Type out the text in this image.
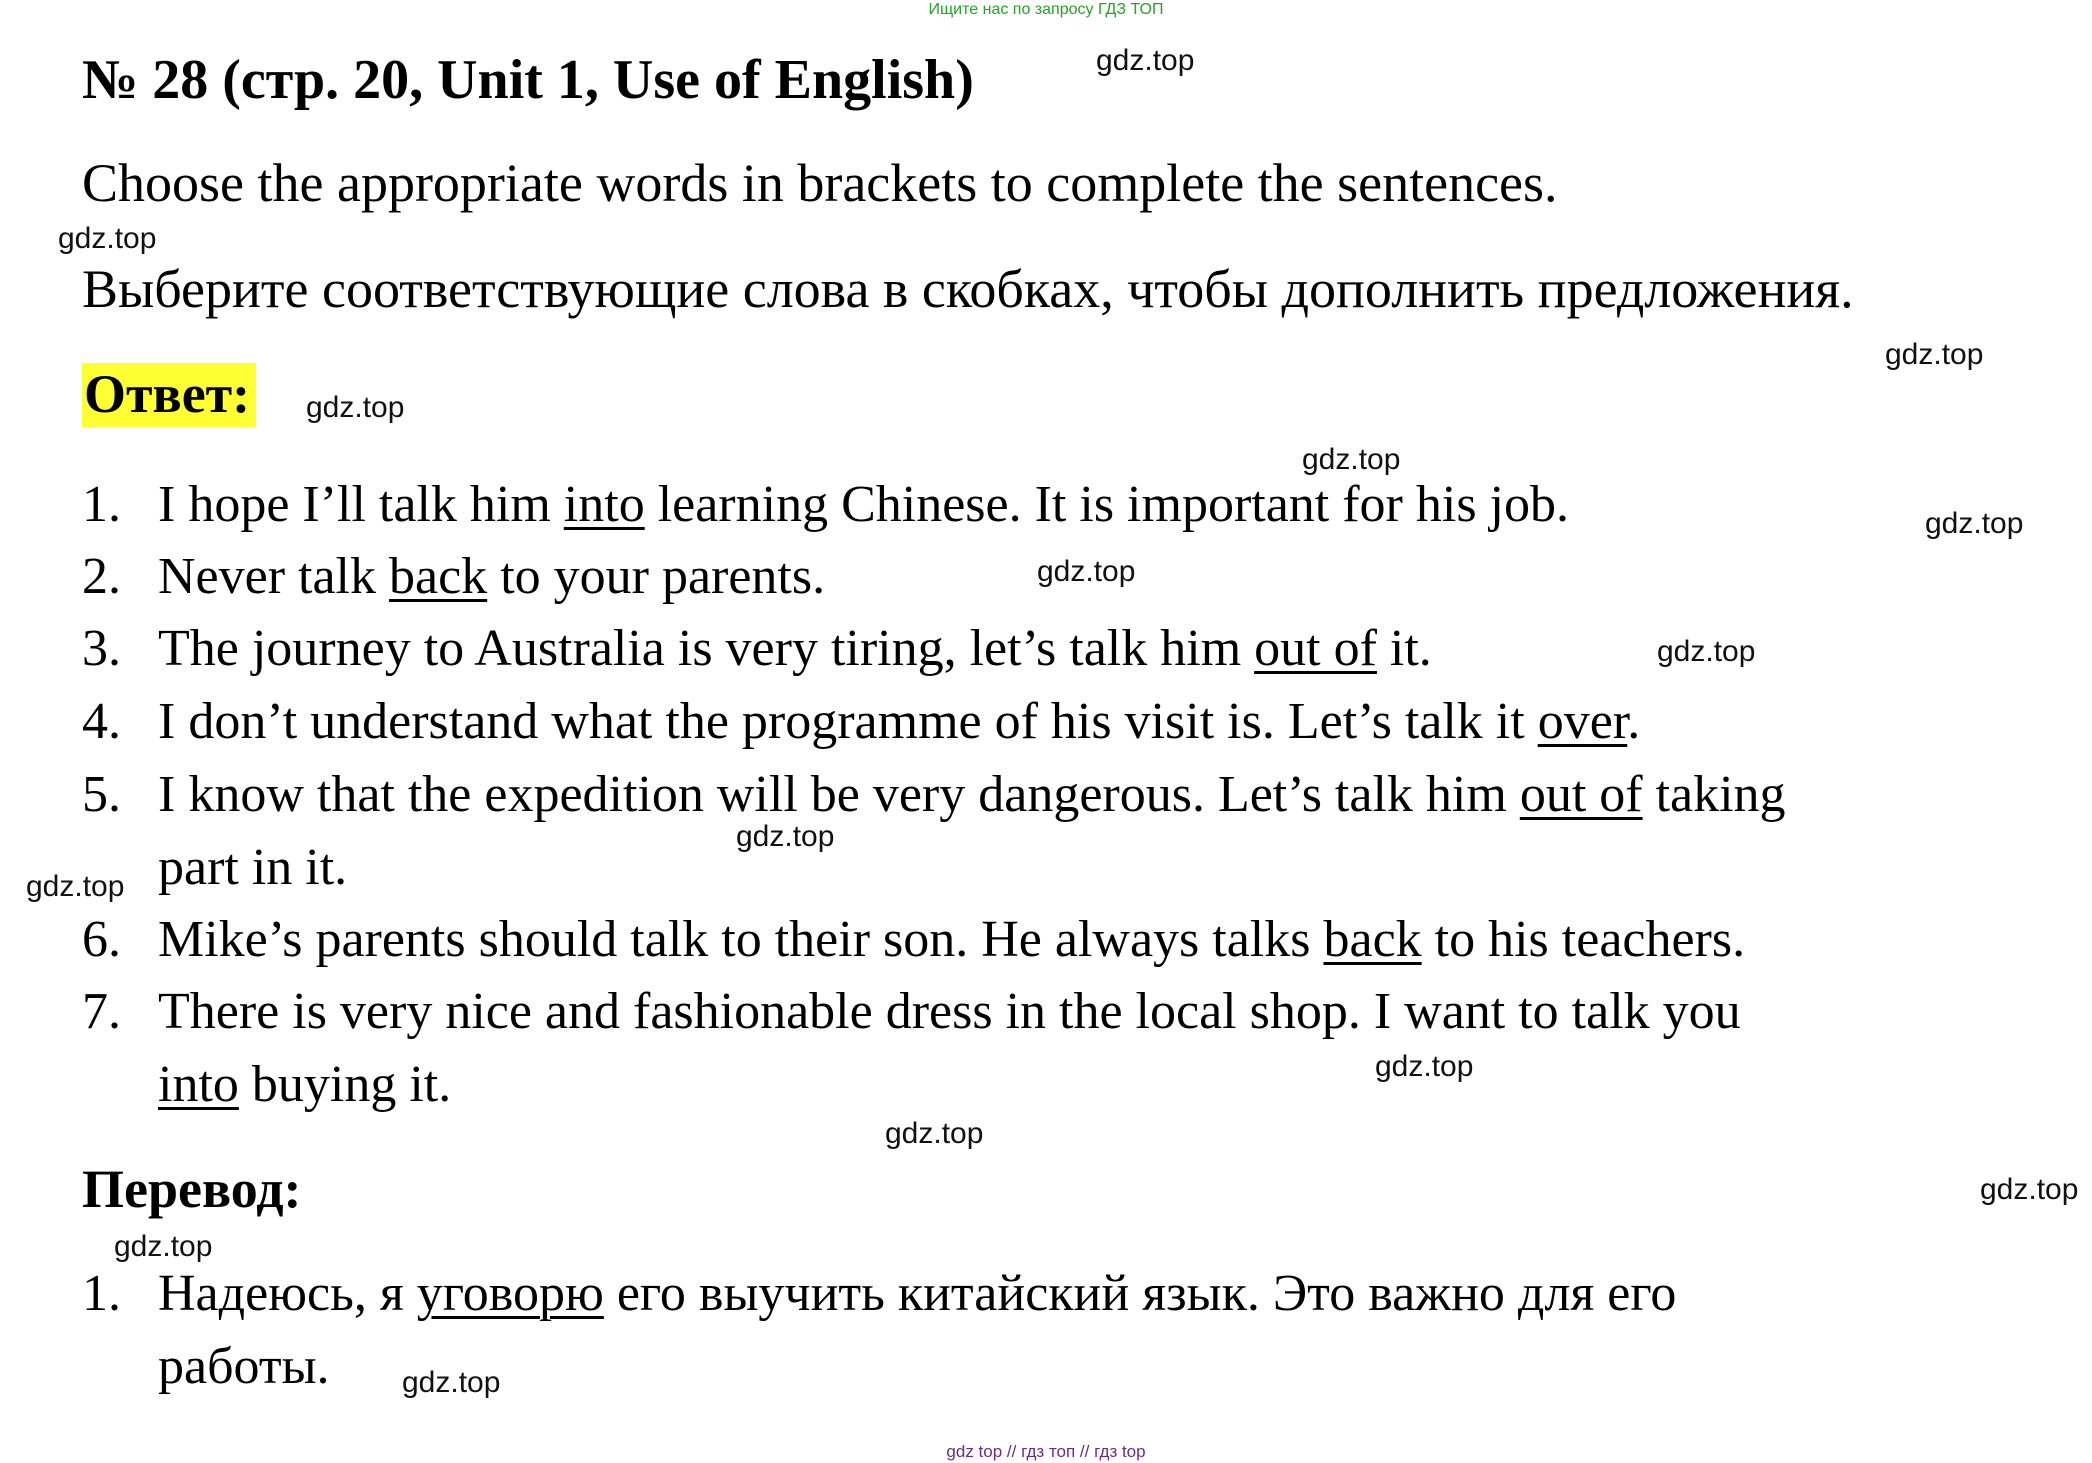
Ищите нас по запросу ГДЗ ТОП
№ 28 (стр. 20, Unit 1, Use of English)
Choose the appropriate words in brackets to complete the sentences.
Выберите соответствующие слова в скобках, чтобы дополнить предложения.
Ответ:
1. I hope I’ll talk him into learning Chinese. It is important for his job.
2. Never talk back to your parents.
3. The journey to Australia is very tiring, let’s talk him out of it.
4. I don’t understand what the programme of his visit is. Let’s talk it over.
5. I know that the expedition will be very dangerous. Let’s talk him out of taking
part in it.
6. Mike’s parents should talk to their son. He always talks back to his teachers.
7. There is very nice and fashionable dress in the local shop. I want to talk you
into buying it.
Перевод:
1. Надеюсь, я уговорю его выучить китайский язык. Это важно для его
работы.
gdz.top
gdz.top
gdz.top
gdz.top
gdz.top
gdz.top
gdz.top
gdz.top
gdz.top
gdz.top
gdz.top
gdz.top
gdz.top
gdz.top
gdz.top
gdz top // гдз топ // гдз top
